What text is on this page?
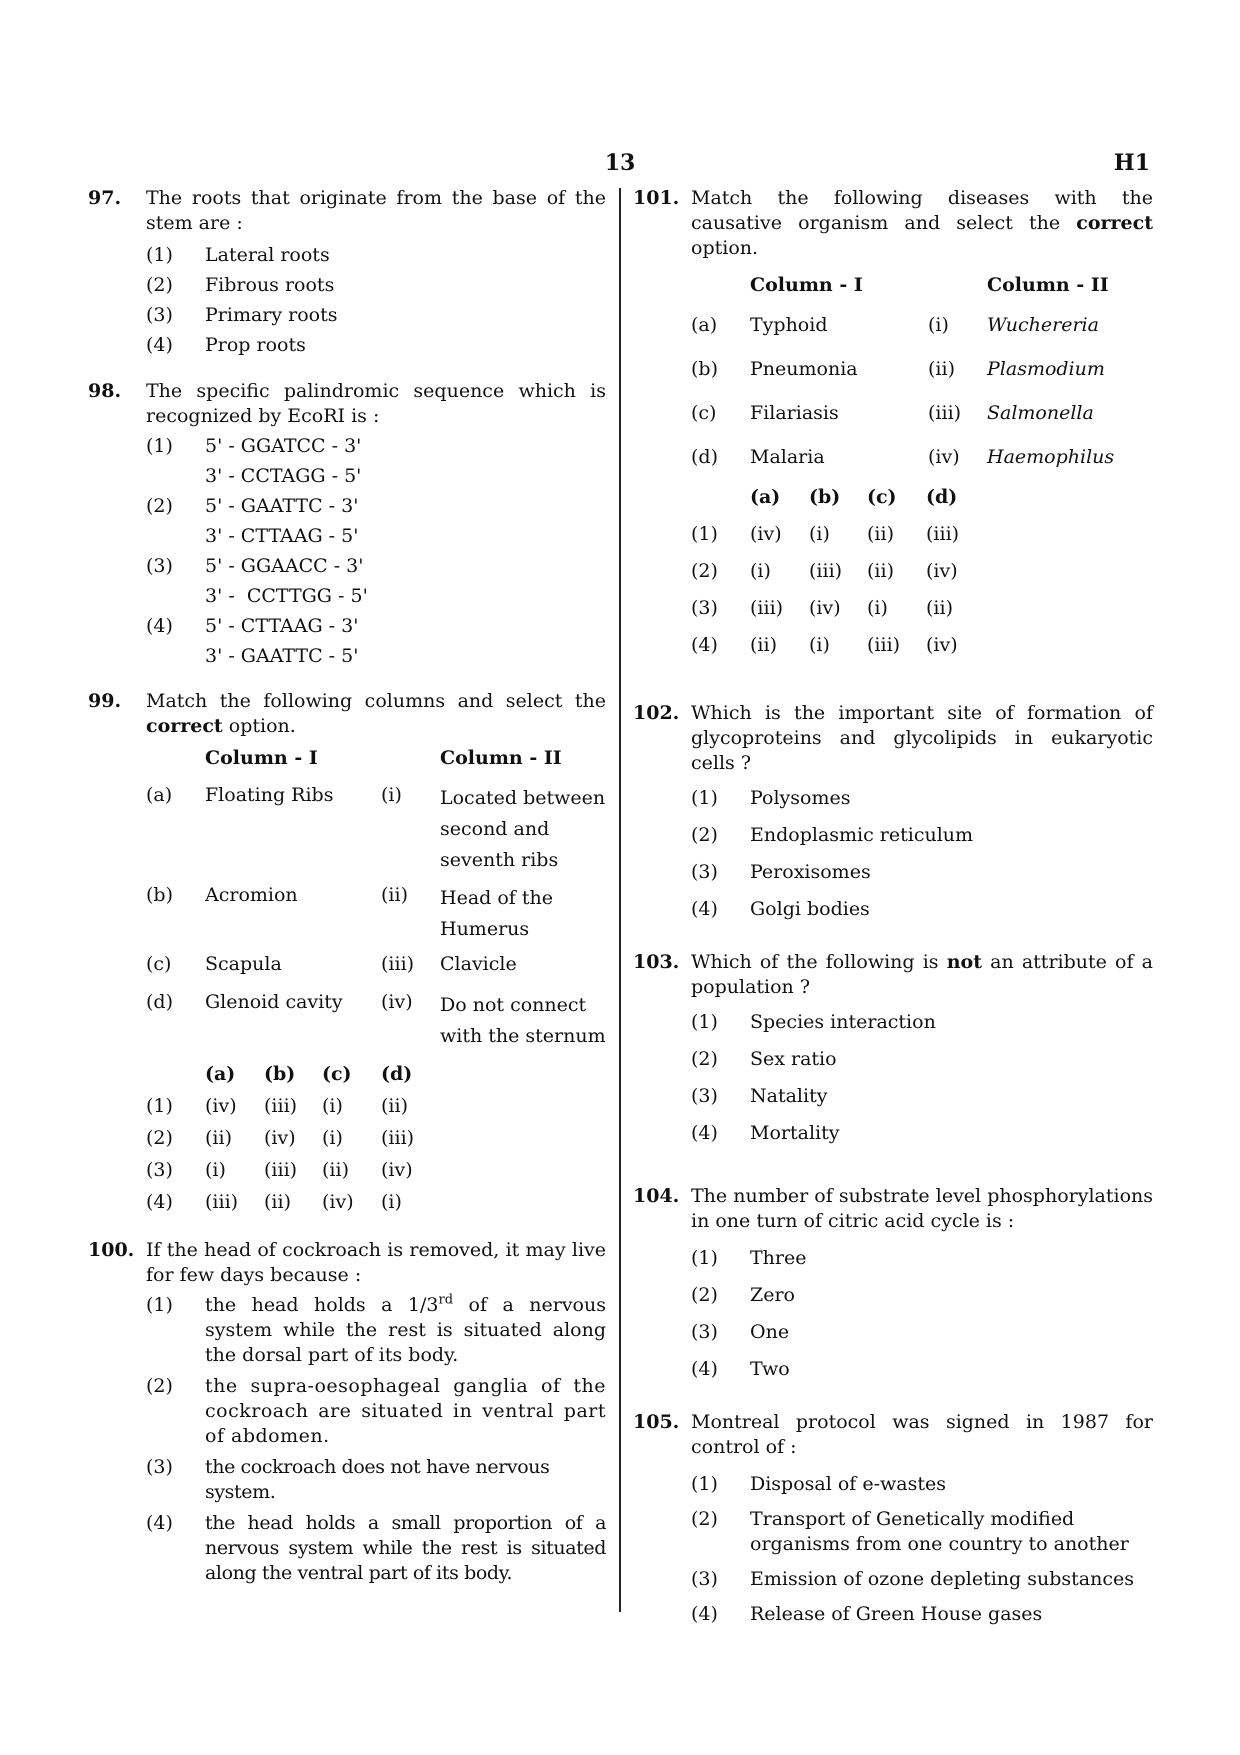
13	H1
97.	The roots that originate from the base of the stem are :
(1)	Lateral roots
(2)	Fibrous roots
(3)	Primary roots
(4)	Prop roots
98.	The specific palindromic sequence which is recognized by EcoRI is :
(1)	5' - GGATCC - 3'
3' - CCTAGG - 5'
(2)	5' - GAATTC - 3'
3' - CTTAAG - 5'
(3)	5' - GGAACC - 3'
3' -  CCTTGG - 5'
(4)	5' - CTTAAG - 3'
3' - GAATTC - 5'
99.	Match the following columns and select the correct option.
	Column - I		Column - II
(a)	Floating Ribs	(i)	Located between second and seventh ribs
(b)	Acromion	(ii)	Head of the Humerus
(c)	Scapula	(iii)	Clavicle
(d)	Glenoid cavity	(iv)	Do not connect with the sternum
	(a)	(b)	(c)	(d)
(1)	(iv)	(iii)	(i)	(ii)
(2)	(ii)	(iv)	(i)	(iii)
(3)	(i)	(iii)	(ii)	(iv)
(4)	(iii)	(ii)	(iv)	(i)
100. If the head of cockroach is removed, it may live for few days because :
(1)	the head holds a 1/3rd of a nervous system while the rest is situated along the dorsal part of its body.
(2)	the supra-oesophageal ganglia of the cockroach are situated in ventral part of abdomen.
(3)	the cockroach does not have nervous system.
(4)	the head holds a small proportion of a nervous system while the rest is situated along the ventral part of its body.
101. Match the following diseases with the causative organism and select the correct option.
	Column - I		Column - II
(a)	Typhoid	(i)	Wuchereria
(b)	Pneumonia	(ii)	Plasmodium
(c)	Filariasis	(iii)	Salmonella
(d)	Malaria	(iv)	Haemophilus
	(a)	(b)	(c)	(d)
(1)	(iv)	(i)	(ii)	(iii)
(2)	(i)	(iii)	(ii)	(iv)
(3)	(iii)	(iv)	(i)	(ii)
(4)	(ii)	(i)	(iii)	(iv)
102. Which is the important site of formation of glycoproteins and glycolipids in eukaryotic cells ?
(1)	Polysomes
(2)	Endoplasmic reticulum
(3)	Peroxisomes
(4)	Golgi bodies
103. Which of the following is not an attribute of a population ?
(1)	Species interaction
(2)	Sex ratio
(3)	Natality
(4)	Mortality
104. The number of substrate level phosphorylations in one turn of citric acid cycle is :
(1)	Three
(2)	Zero
(3)	One
(4)	Two
105. Montreal protocol was signed in 1987 for control of :
(1)	Disposal of e-wastes
(2)	Transport of Genetically modified organisms from one country to another
(3)	Emission of ozone depleting substances
(4)	Release of Green House gases
